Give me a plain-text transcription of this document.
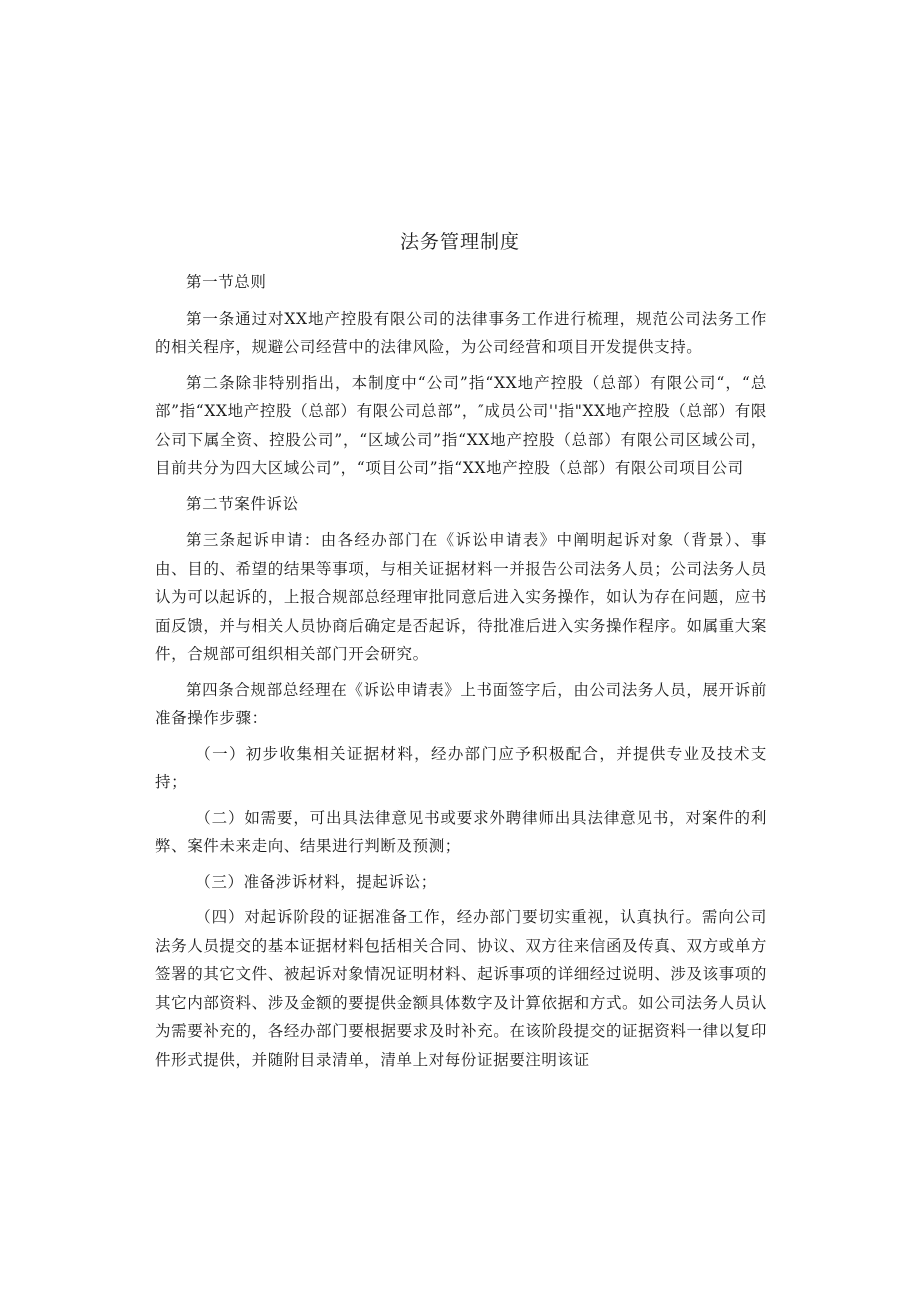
法务管理制度

第一节总则

第一条通过对XX地产控股有限公司的法律事务工作进行梳理，规范公司法务工作的相关程序，规避公司经营中的法律风险，为公司经营和项目开发提供支持。

第二条除非特别指出，本制度中“公司”指“XX地产控股（总部）有限公司“，“总部”指“XX地产控股（总部）有限公司总部”，″成员公司''指"XX地产控股（总部）有限公司下属全资、控股公司”，“区域公司”指“XX地产控股（总部）有限公司区域公司，目前共分为四大区域公司”，“项目公司”指“XX地产控股（总部）有限公司项目公司

第二节案件诉讼

第三条起诉申请：由各经办部门在《诉讼申请表》中阐明起诉对象（背景）、事由、目的、希望的结果等事项，与相关证据材料一并报告公司法务人员；公司法务人员认为可以起诉的，上报合规部总经理审批同意后进入实务操作，如认为存在问题，应书面反馈，并与相关人员协商后确定是否起诉，待批准后进入实务操作程序。如属重大案件，合规部可组织相关部门开会研究。

第四条合规部总经理在《诉讼申请表》上书面签字后，由公司法务人员，展开诉前准备操作步骤：

（一）初步收集相关证据材料，经办部门应予积极配合，并提供专业及技术支持；

（二）如需要，可出具法律意见书或要求外聘律师出具法律意见书，对案件的利弊、案件未来走向、结果进行判断及预测；

（三）准备涉诉材料，提起诉讼；

（四）对起诉阶段的证据准备工作，经办部门要切实重视，认真执行。需向公司法务人员提交的基本证据材料包括相关合同、协议、双方往来信函及传真、双方或单方签署的其它文件、被起诉对象情况证明材料、起诉事项的详细经过说明、涉及该事项的其它内部资料、涉及金额的要提供金额具体数字及计算依据和方式。如公司法务人员认为需要补充的，各经办部门要根据要求及时补充。在该阶段提交的证据资料一律以复印件形式提供，并随附目录清单，清单上对每份证据要注明该证
